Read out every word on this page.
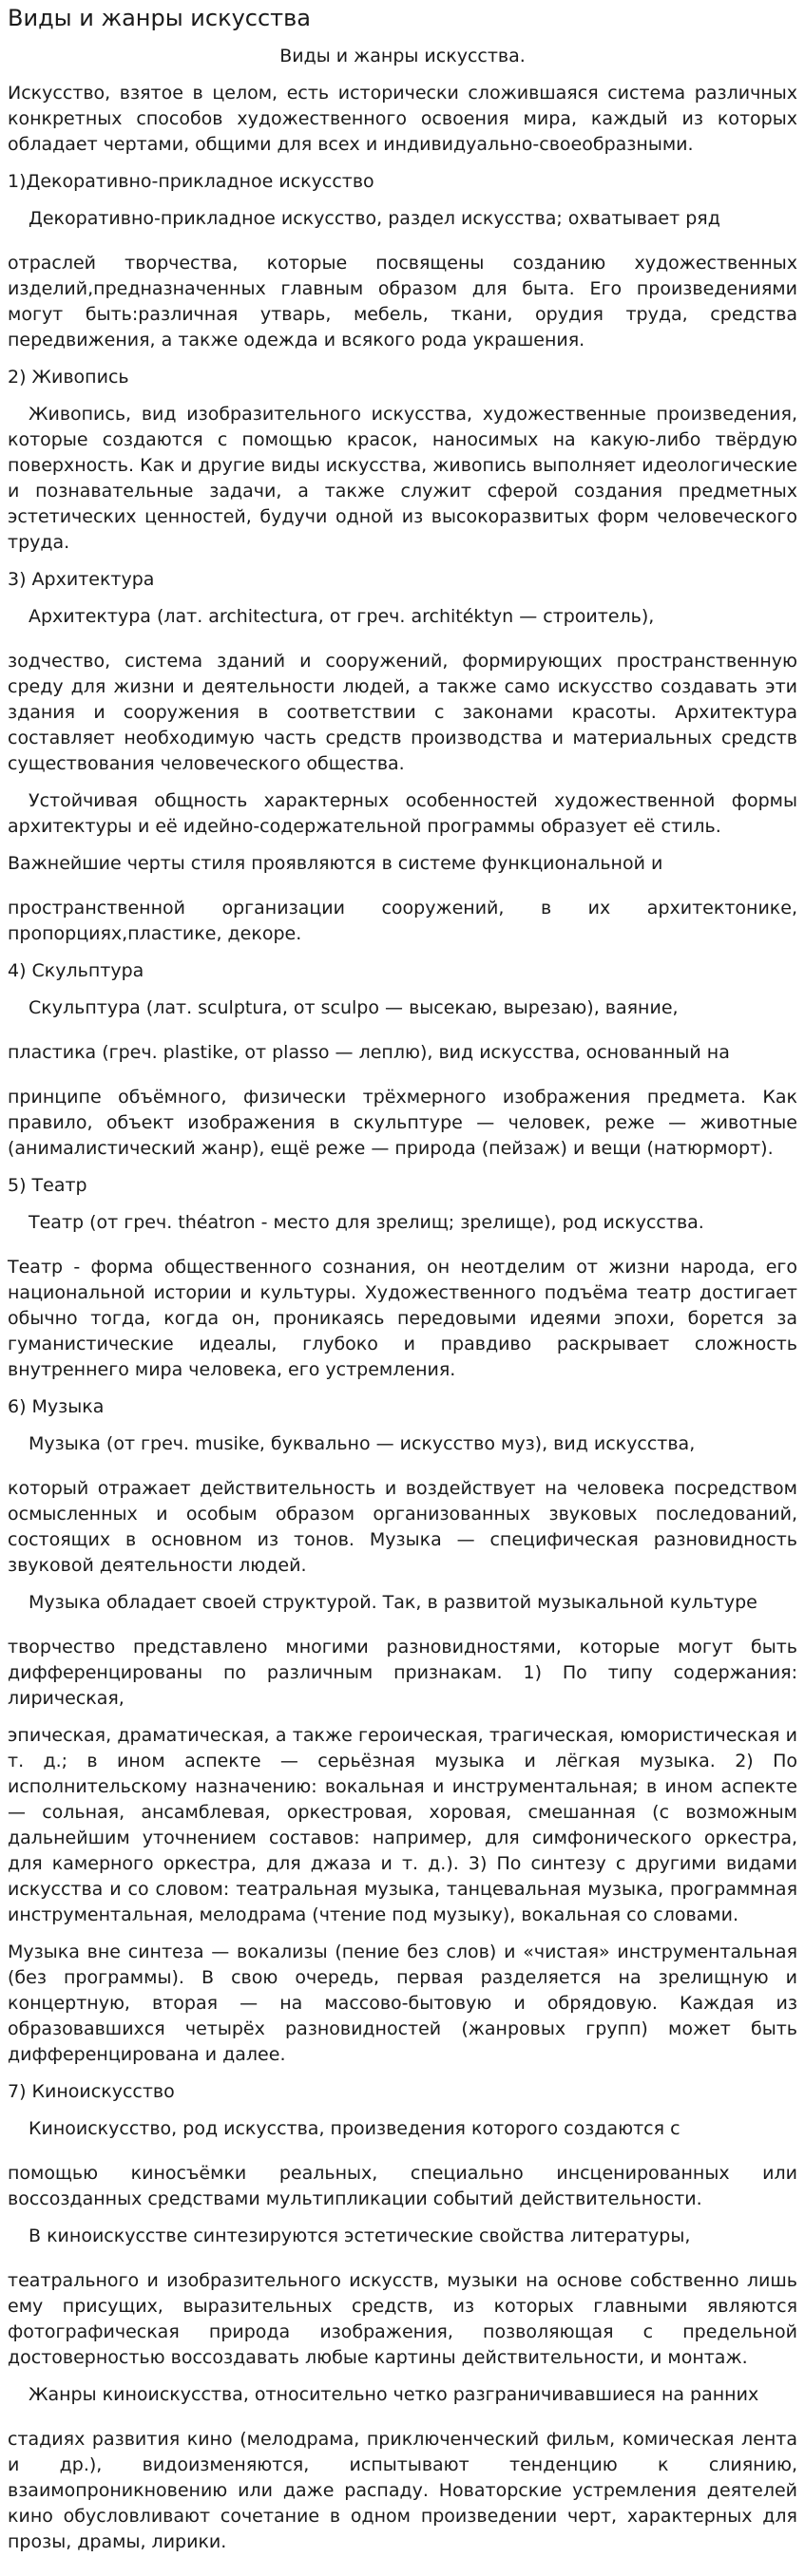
Виды и жанры искусства

Виды и жанры искусства.

Искусство, взятое в целом, есть исторически сложившаяся система различных конкретных способов художественного освоения мира, каждый из которых обладает чертами, общими для всех и индивидуально-своеобразными.

1)Декоративно-прикладное искусство

Декоративно-прикладное искусство, раздел искусства; охватывает ряд

отраслей творчества, которые посвящены созданию художественных изделий,предназначенных главным образом для быта. Его произведениями могут быть:различная утварь, мебель, ткани, орудия труда, средства передвижения, а также одежда и всякого рода украшения.

2) Живопись

Живопись, вид изобразительного искусства, художественные произведения, которые создаются с помощью красок, наносимых на какую-либо твёрдую поверхность. Как и другие виды искусства, живопись выполняет идеологические и познавательные задачи, а также служит сферой создания предметных эстетических ценностей, будучи одной из высокоразвитых форм человеческого труда.

3) Архитектура

Архитектура (лат. architectura, от греч. architéktyn — строитель),

зодчество, система зданий и сооружений, формирующих пространственную среду для жизни и деятельности людей, а также само искусство создавать эти здания и сооружения в соответствии с законами красоты. Архитектура составляет необходимую часть средств производства и материальных средств существования человеческого общества.

Устойчивая общность характерных особенностей художественной формы архитектуры и её идейно-содержательной программы образует её стиль.

Важнейшие черты стиля проявляются в системе функциональной и

пространственной организации сооружений, в их архитектонике, пропорциях,пластике, декоре.

4) Скульптура

Скульптура (лат. sculptura, от sculpo — высекаю, вырезаю), ваяние,

пластика (греч. plastike, от plasso — леплю), вид искусства, основанный на

принципе объёмного, физически трёхмерного изображения предмета. Как правило, объект изображения в скульптуре — человек, реже — животные (анималистический жанр), ещё реже — природа (пейзаж) и вещи (натюрморт).

5) Театр

Театр (от греч. théatron - место для зрелищ; зрелище), род искусства.

Театр - форма общественного сознания, он неотделим от жизни народа, его национальной истории и культуры. Художественного подъёма театр достигает обычно тогда, когда он, проникаясь передовыми идеями эпохи, борется за гуманистические идеалы, глубоко и правдиво раскрывает сложность внутреннего мира человека, его устремления.

6) Музыка

Музыка (от греч. musike, буквально — искусство муз), вид искусства,

который отражает действительность и воздействует на человека посредством осмысленных и особым образом организованных звуковых последований, состоящих в основном из тонов. Музыка — специфическая разновидность звуковой деятельности людей.

Музыка обладает своей структурой. Так, в развитой музыкальной культуре

творчество представлено многими разновидностями, которые могут быть дифференцированы по различным признакам. 1) По типу содержания: лирическая,

эпическая, драматическая, а также героическая, трагическая, юмористическая и т. д.; в ином аспекте — серьёзная музыка и лёгкая музыка. 2) По исполнительскому назначению: вокальная и инструментальная; в ином аспекте — сольная, ансамблевая, оркестровая, хоровая, смешанная (с возможным дальнейшим уточнением составов: например, для симфонического оркестра, для камерного оркестра, для джаза и т. д.). 3) По синтезу с другими видами искусства и со словом: театральная музыка, танцевальная музыка, программная инструментальная, мелодрама (чтение под музыку), вокальная со словами.

Музыка вне синтеза — вокализы (пение без слов) и «чистая» инструментальная (без программы). В свою очередь, первая разделяется на зрелищную и концертную, вторая — на массово-бытовую и обрядовую. Каждая из образовавшихся четырёх разновидностей (жанровых групп) может быть дифференцирована и далее.

7) Киноискусство

Киноискусство, род искусства, произведения которого создаются с

помощью киносъёмки реальных, специально инсценированных или воссозданных средствами мультипликации событий действительности.

В киноискусстве синтезируются эстетические свойства литературы,

театрального и изобразительного искусств, музыки на основе собственно лишь ему присущих, выразительных средств, из которых главными являются фотографическая природа изображения, позволяющая с предельной достоверностью воссоздавать любые картины действительности, и монтаж.

Жанры киноискусства, относительно четко разграничивавшиеся на ранних

стадиях развития кино (мелодрама, приключенческий фильм, комическая лента и др.), видоизменяются, испытывают тенденцию к слиянию, взаимопроникновению или даже распаду. Новаторские устремления деятелей кино обусловливают сочетание в одном произведении черт, характерных для прозы, драмы, лирики.
